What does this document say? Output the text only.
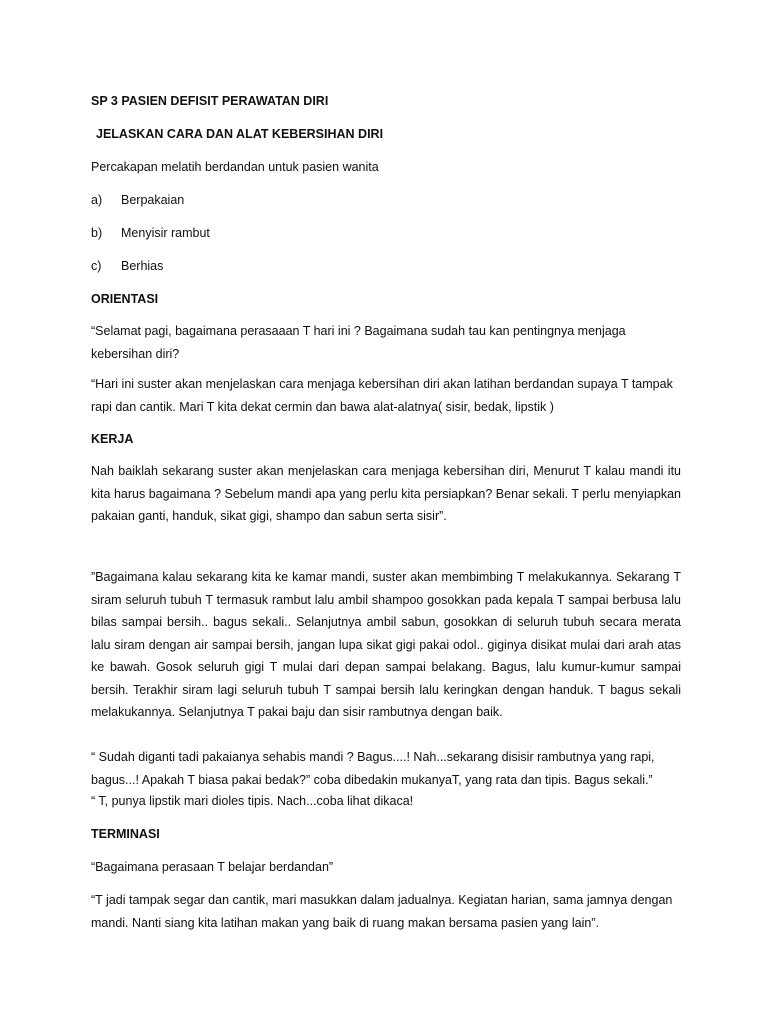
SP 3 PASIEN DEFISIT PERAWATAN DIRI

JELASKAN CARA DAN ALAT KEBERSIHAN DIRI

Percakapan melatih berdandan untuk pasien wanita

a)	Berpakaian
b)	Menyisir rambut
c)	Berhias

ORIENTASI

“Selamat pagi, bagaimana perasaaan T hari ini ? Bagaimana sudah tau kan pentingnya menjaga kebersihan diri?

“Hari ini suster akan menjelaskan cara menjaga kebersihan diri akan latihan berdandan supaya T tampak rapi dan cantik. Mari T kita dekat cermin dan bawa alat-alatnya( sisir, bedak, lipstik )

KERJA

Nah baiklah sekarang suster akan menjelaskan cara menjaga kebersihan diri, Menurut T kalau mandi itu kita harus bagaimana ? Sebelum mandi apa yang perlu kita persiapkan? Benar sekali. T perlu menyiapkan pakaian ganti, handuk, sikat gigi, shampo dan sabun serta sisir”.

”Bagaimana kalau sekarang kita ke kamar mandi, suster akan membimbing T melakukannya. Sekarang T siram seluruh tubuh T termasuk rambut lalu ambil shampoo gosokkan pada kepala T sampai berbusa lalu bilas sampai bersih.. bagus sekali.. Selanjutnya ambil sabun, gosokkan di seluruh tubuh secara merata lalu siram dengan air sampai bersih, jangan lupa sikat gigi pakai odol.. giginya disikat mulai dari arah atas ke bawah. Gosok seluruh gigi T mulai dari depan sampai belakang. Bagus, lalu kumur-kumur sampai bersih. Terakhir siram lagi seluruh tubuh T sampai bersih lalu keringkan dengan handuk. T bagus sekali melakukannya. Selanjutnya T pakai baju dan sisir rambutnya dengan baik.

“ Sudah diganti tadi pakaianya sehabis mandi ? Bagus....! Nah...sekarang disisir rambutnya yang rapi, bagus...! Apakah T biasa pakai bedak?” coba dibedakin mukanyaT, yang rata dan tipis. Bagus sekali.”

“ T, punya lipstik mari dioles tipis. Nach...coba lihat dikaca!

TERMINASI

“Bagaimana perasaan T belajar berdandan”

“T jadi tampak segar dan cantik, mari masukkan dalam jadualnya. Kegiatan harian, sama jamnya dengan mandi. Nanti siang kita latihan makan yang baik di ruang makan bersama pasien yang lain”.
